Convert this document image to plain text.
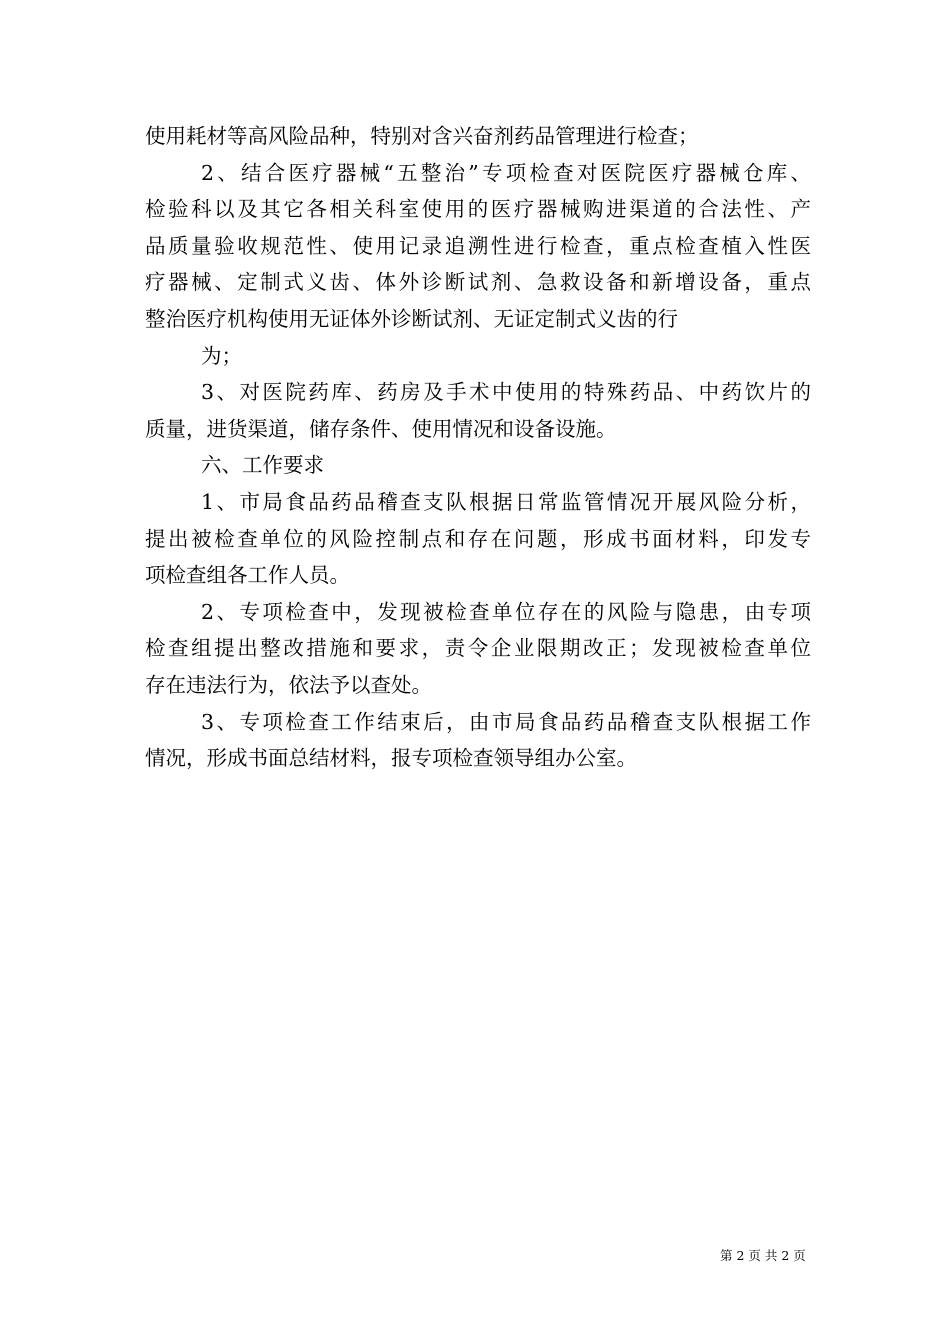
使用耗材等高风险品种，特别对含兴奋剂药品管理进行检查；
2、结合医疗器械“五整治”专项检查对医院医疗器械仓库、
检验科以及其它各相关科室使用的医疗器械购进渠道的合法性、产
品质量验收规范性、使用记录追溯性进行检查，重点检查植入性医
疗器械、定制式义齿、体外诊断试剂、急救设备和新增设备，重点
整治医疗机构使用无证体外诊断试剂、无证定制式义齿的行
为；
3、对医院药库、药房及手术中使用的特殊药品、中药饮片的
质量，进货渠道，储存条件、使用情况和设备设施。
六、工作要求
1、市局食品药品稽查支队根据日常监管情况开展风险分析，
提出被检查单位的风险控制点和存在问题，形成书面材料，印发专
项检查组各工作人员。
2、专项检查中，发现被检查单位存在的风险与隐患，由专项
检查组提出整改措施和要求，责令企业限期改正；发现被检查单位
存在违法行为，依法予以查处。
3、专项检查工作结束后，由市局食品药品稽查支队根据工作
情况，形成书面总结材料，报专项检查领导组办公室。
第 2 页 共 2 页
